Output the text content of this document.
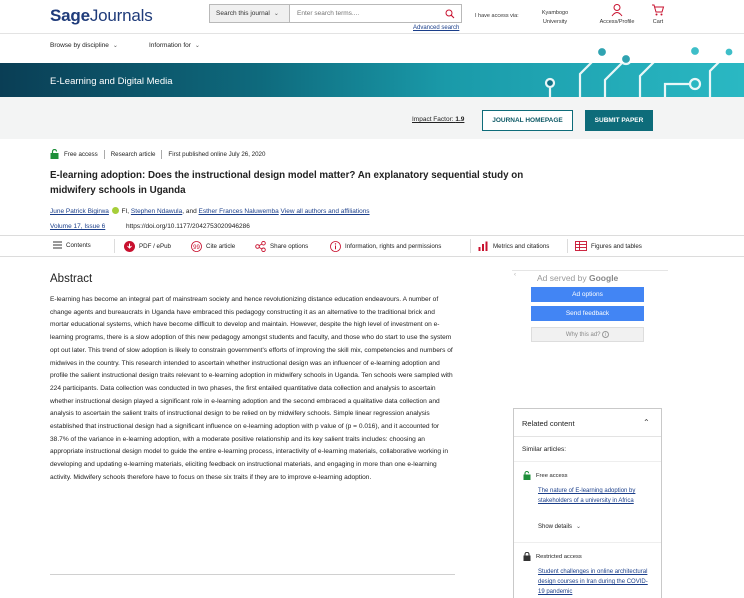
SageJournals	Search this journal ⌄
Enter search terms....
Advanced search
I have access via:	Kyambogo
University	Access/Profile	Cart
Browse by discipline ⌄	Information for ⌄
E-Learning and Digital Media
Impact Factor: 1.9	JOURNAL HOMEPAGE	SUBMIT PAPER
Free access Research article First published online July 26, 2020
E-learning adoption: Does the instructional design model matter? An explanatory sequential study on midwifery schools in Uganda
June Patrick Bigirwa FI, Stephen Ndawula, and Esther Frances Naluwemba View all authors and affiliations
Volume 17, Issue 6	https://doi.org/10.1177/2042753020946286
Contents	PDF / ePub	99 Cite article	Share options	Information, rights and permissions	Metrics and citations	Figures and tables
Abstract

E-learning has become an integral part of mainstream society and hence revolutionizing distance education endeavours. A number of change agents and bureaucrats in Uganda have embraced this pedagogy constructing it as an alternative to the traditional brick and mortar educational systems, which have become difficult to develop and maintain. However, despite the high level of investment on e-learning programs, there is a slow adoption of this new pedagogy amongst students and faculty, and those who do start to use the system opt out later. This trend of slow adoption is likely to constrain government's efforts of improving the skill mix, competencies and numbers of midwives in the country. This research intended to ascertain whether instructional design was an influencer of e-learning adoption and profile the salient instructional design traits relevant to e-learning adoption in midwifery schools in Uganda. Ten schools were sampled with 224 participants. Data collection was conducted in two phases, the first entailed quantitative data collection and analysis to ascertain whether instructional design played a significant role in e-learning adoption and the second embraced a qualitative data collection and analysis to ascertain the salient traits of instructional design to be relied on by midwifery schools. Simple linear regression analysis established that instructional design had a significant influence on e-learning adoption with p value of (p = 0.016), and it accounted for 38.7% of the variance in e-learning adoption, with a moderate positive relationship and its key salient traits includes: choosing an appropriate instructional design model to guide the entire e-learning process, interactivity of e-learning materials, collaborative working in developing and updating e-learning materials, eliciting feedback on instructional materials, and engaging in more than one e-learning activity. Midwifery schools therefore have to focus on these six traits if they are to improve e-learning adoption.

‹ Ad served by Google
Ad options
Send feedback
Why this ad?
i
Related content	⌃
Similar articles:
Free access
The nature of E-learning adoption by stakeholders of a university in Africa
Show details ⌄
Restricted access
Student challenges in online architectural design courses in Iran during the COVID-19 pandemic
